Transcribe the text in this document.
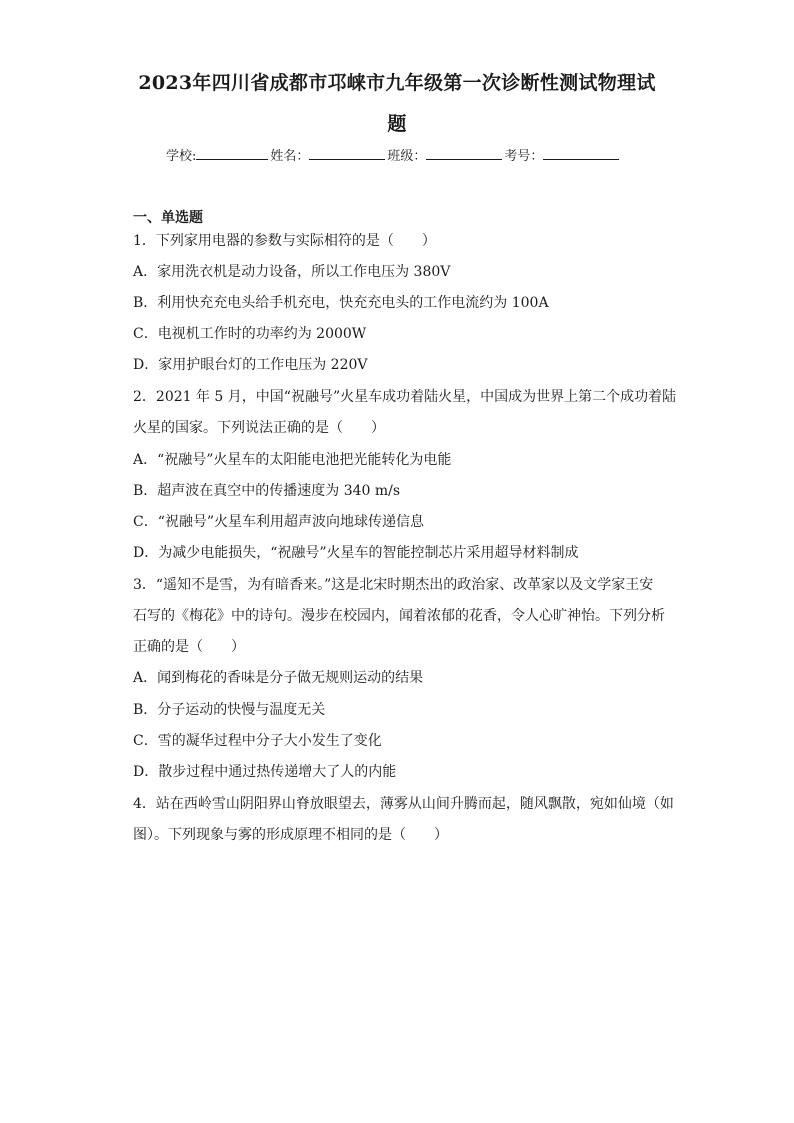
2023年四川省成都市邛崃市九年级第一次诊断性测试物理试
题
学校:	姓名：	班级：	考号：
一、单选题
1．下列家用电器的参数与实际相符的是（　　）
A．家用洗衣机是动力设备，所以工作电压为 380V
B．利用快充充电头给手机充电，快充充电头的工作电流约为 100A
C．电视机工作时的功率约为 2000W
D．家用护眼台灯的工作电压为 220V
2．2021 年 5 月，中国“祝融号”火星车成功着陆火星，中国成为世界上第二个成功着陆
火星的国家。下列说法正确的是（　　）
A．“祝融号”火星车的太阳能电池把光能转化为电能
B．超声波在真空中的传播速度为 340 m/s
C．“祝融号”火星车利用超声波向地球传递信息
D．为减少电能损失，“祝融号”火星车的智能控制芯片采用超导材料制成
3．“遥知不是雪，为有暗香来。”这是北宋时期杰出的政治家、改革家以及文学家王安
石写的《梅花》中的诗句。漫步在校园内，闻着浓郁的花香，令人心旷神怡。下列分析
正确的是（　　）
A．闻到梅花的香味是分子做无规则运动的结果
B．分子运动的快慢与温度无关
C．雪的凝华过程中分子大小发生了变化
D．散步过程中通过热传递增大了人的内能
4．站在西岭雪山阴阳界山脊放眼望去，薄雾从山间升腾而起，随风飘散，宛如仙境（如
图）。下列现象与雾的形成原理不相同的是（　　）
